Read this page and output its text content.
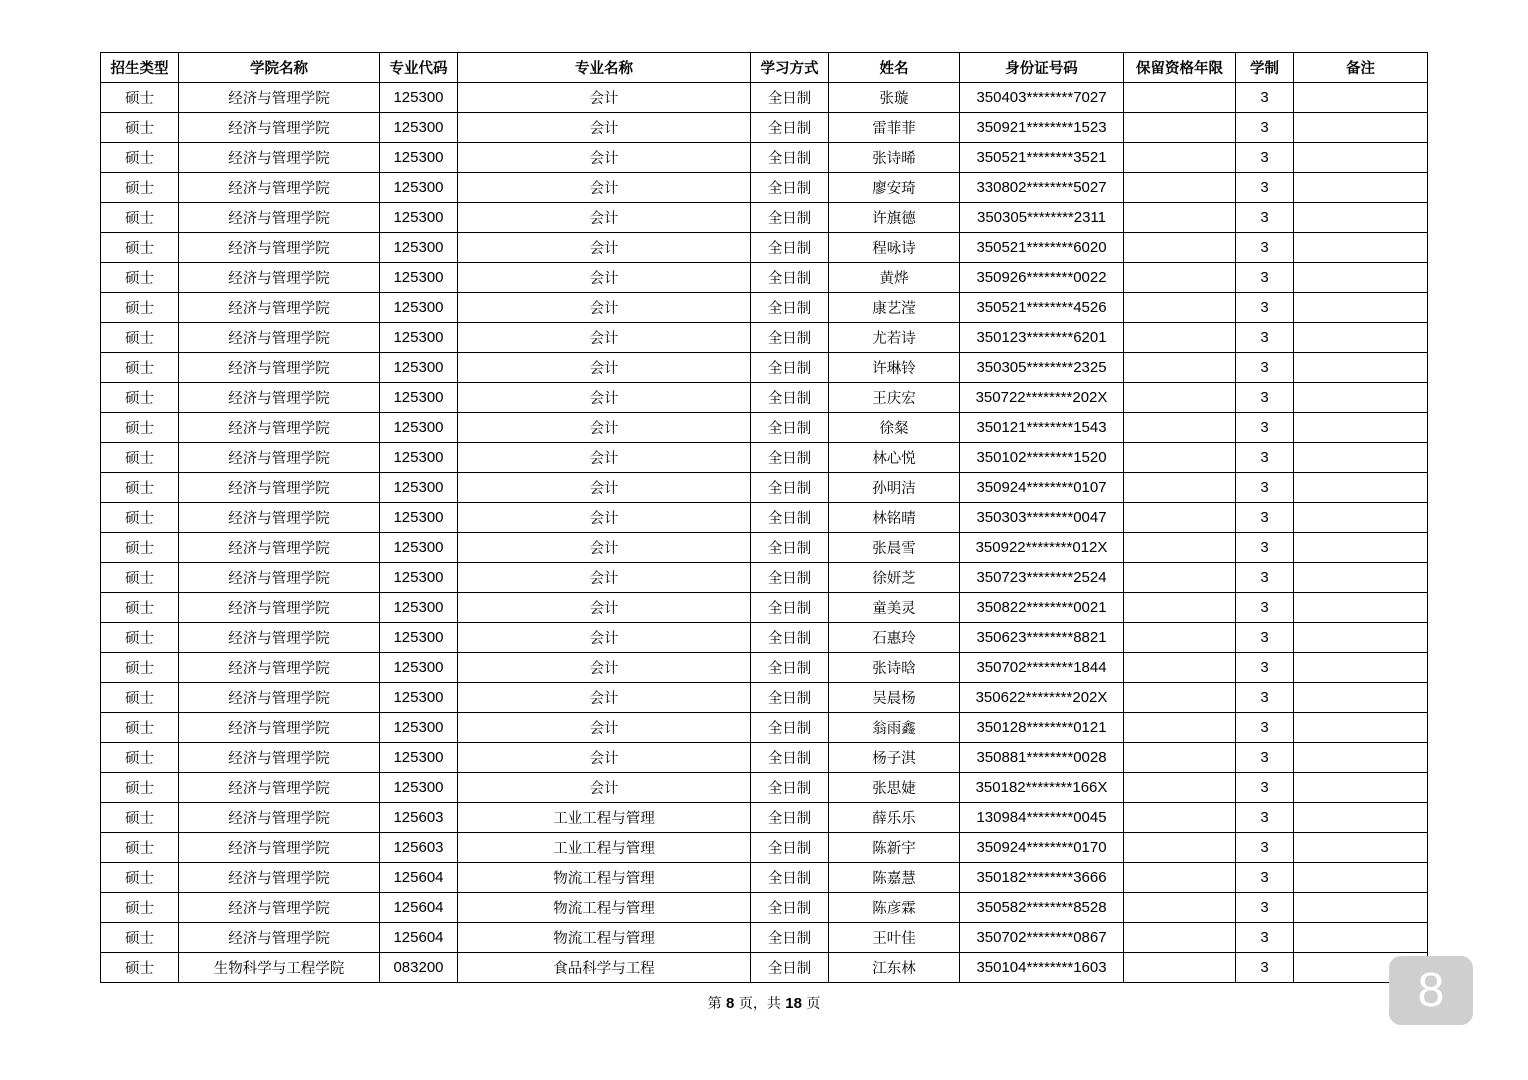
招生类型	学院名称	专业代码	专业名称	学习方式	姓名	身份证号码	保留资格年限	学制	备注
硕士	经济与管理学院	125300	会计	全日制	张璇	350403********7027		3	
硕士	经济与管理学院	125300	会计	全日制	雷菲菲	350921********1523		3	
硕士	经济与管理学院	125300	会计	全日制	张诗晞	350521********3521		3	
硕士	经济与管理学院	125300	会计	全日制	廖安琦	330802********5027		3	
硕士	经济与管理学院	125300	会计	全日制	许旗德	350305********2311		3	
硕士	经济与管理学院	125300	会计	全日制	程咏诗	350521********6020		3	
硕士	经济与管理学院	125300	会计	全日制	黄烨	350926********0022		3	
硕士	经济与管理学院	125300	会计	全日制	康艺滢	350521********4526		3	
硕士	经济与管理学院	125300	会计	全日制	尤若诗	350123********6201		3	
硕士	经济与管理学院	125300	会计	全日制	许琳铃	350305********2325		3	
硕士	经济与管理学院	125300	会计	全日制	王庆宏	350722********202X		3	
硕士	经济与管理学院	125300	会计	全日制	徐粲	350121********1543		3	
硕士	经济与管理学院	125300	会计	全日制	林心悦	350102********1520		3	
硕士	经济与管理学院	125300	会计	全日制	孙明洁	350924********0107		3	
硕士	经济与管理学院	125300	会计	全日制	林铭晴	350303********0047		3	
硕士	经济与管理学院	125300	会计	全日制	张晨雪	350922********012X		3	
硕士	经济与管理学院	125300	会计	全日制	徐妍芝	350723********2524		3	
硕士	经济与管理学院	125300	会计	全日制	童美灵	350822********0021		3	
硕士	经济与管理学院	125300	会计	全日制	石惠玲	350623********8821		3	
硕士	经济与管理学院	125300	会计	全日制	张诗晗	350702********1844		3	
硕士	经济与管理学院	125300	会计	全日制	吴晨杨	350622********202X		3	
硕士	经济与管理学院	125300	会计	全日制	翁雨鑫	350128********0121		3	
硕士	经济与管理学院	125300	会计	全日制	杨子淇	350881********0028		3	
硕士	经济与管理学院	125300	会计	全日制	张思婕	350182********166X		3	
硕士	经济与管理学院	125603	工业工程与管理	全日制	薛乐乐	130984********0045		3	
硕士	经济与管理学院	125603	工业工程与管理	全日制	陈新宇	350924********0170		3	
硕士	经济与管理学院	125604	物流工程与管理	全日制	陈嘉慧	350182********3666		3	
硕士	经济与管理学院	125604	物流工程与管理	全日制	陈彦霖	350582********8528		3	
硕士	经济与管理学院	125604	物流工程与管理	全日制	王叶佳	350702********0867		3	
硕士	生物科学与工程学院	083200	食品科学与工程	全日制	江东林	350104********1603		3	
第 8 页，共 18 页	8
